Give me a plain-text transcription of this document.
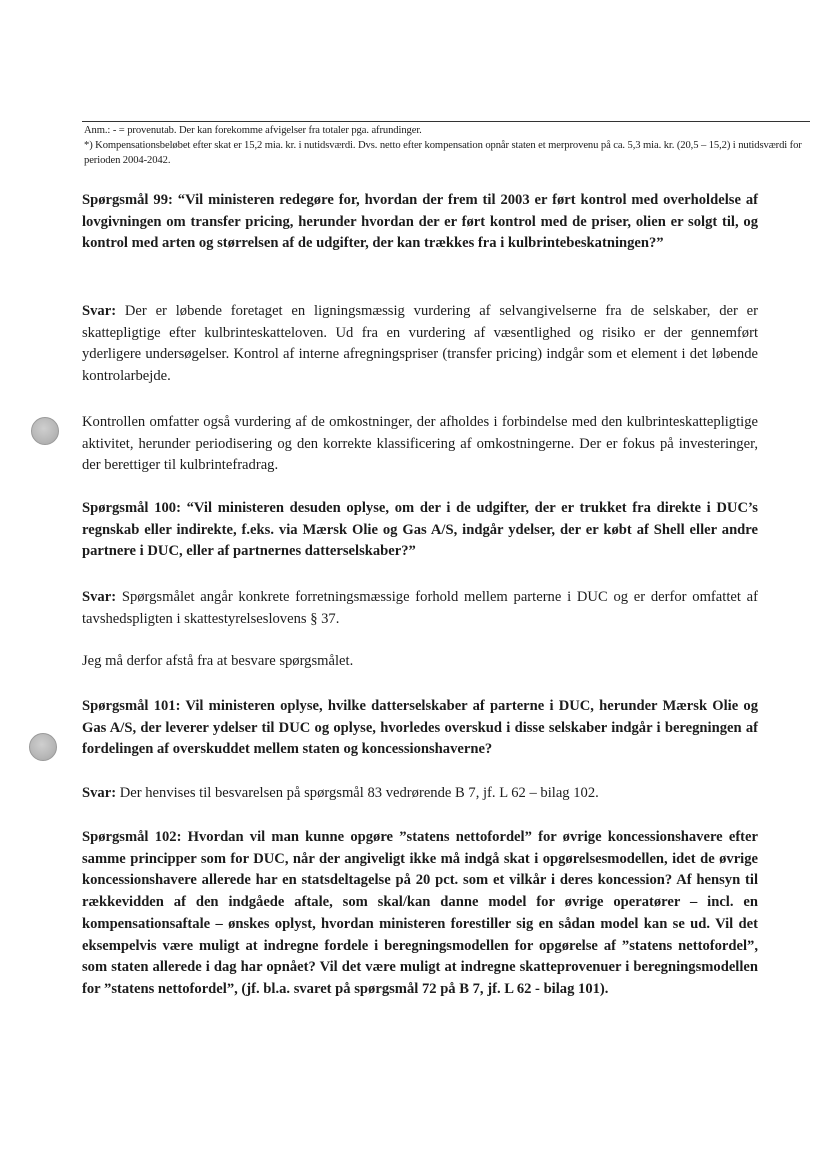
Anm.: - = provenutab. Der kan forekomme afvigelser fra totaler pga. afrundinger.

*) Kompensationsbeløbet efter skat er 15,2 mia. kr. i nutidsværdi. Dvs. netto efter kompensation opnår staten et merprovenu på ca. 5,3 mia. kr. (20,5 – 15,2) i nutidsværdi for perioden 2004-2042.

Spørgsmål 99: “Vil ministeren redegøre for, hvordan der frem til 2003 er ført kontrol med overholdelse af lovgivningen om transfer pricing, herunder hvordan der er ført kontrol med de priser, olien er solgt til, og kontrol med arten og størrelsen af de udgifter, der kan trækkes fra i kulbrintebeskatningen?”

Svar: Der er løbende foretaget en ligningsmæssig vurdering af selvangivelserne fra de selskaber, der er skattepligtige efter kulbrinteskatteloven. Ud fra en vurdering af væsentlighed og risiko er der gennemført yderligere undersøgelser. Kontrol af interne afregningspriser (transfer pricing) indgår som et element i det løbende kontrolarbejde.

Kontrollen omfatter også vurdering af de omkostninger, der afholdes i forbindelse med den kulbrinteskattepligtige aktivitet, herunder periodisering og den korrekte klassificering af omkostningerne. Der er fokus på investeringer, der berettiger til kulbrintefradrag.

Spørgsmål 100: “Vil ministeren desuden oplyse, om der i de udgifter, der er trukket fra direkte i DUC’s regnskab eller indirekte, f.eks. via Mærsk Olie og Gas A/S, indgår ydelser, der er købt af Shell eller andre partnere i DUC, eller af partnernes datterselskaber?”

Svar: Spørgsmålet angår konkrete forretningsmæssige forhold mellem parterne i DUC og er derfor omfattet af tavshedspligten i skattestyrelseslovens § 37.

Jeg må derfor afstå fra at besvare spørgsmålet.

Spørgsmål 101: Vil ministeren oplyse, hvilke datterselskaber af parterne i DUC, herunder Mærsk Olie og Gas A/S, der leverer ydelser til DUC og oplyse, hvorledes overskud i disse selskaber indgår i beregningen af fordelingen af overskuddet mellem staten og koncessionshaverne?

Svar: Der henvises til besvarelsen på spørgsmål 83 vedrørende B 7, jf. L 62 – bilag 102.

Spørgsmål 102: Hvordan vil man kunne opgøre ”statens nettofordel” for øvrige koncessionshavere efter samme principper som for DUC, når der angiveligt ikke må indgå skat i opgørelsesmodellen, idet de øvrige koncessionshavere allerede har en statsdeltagelse på 20 pct. som et vilkår i deres koncession? Af hensyn til rækkevidden af den indgåede aftale, som skal/kan danne model for øvrige operatører – incl. en kompensationsaftale – ønskes oplyst, hvordan ministeren forestiller sig en sådan model kan se ud. Vil det eksempelvis være muligt at indregne fordele i beregningsmodellen for opgørelse af ”statens nettofordel”, som staten allerede i dag har opnået? Vil det være muligt at indregne skatteprovenuer i beregningsmodellen for ”statens nettofordel”, (jf. bl.a. svaret på spørgsmål 72 på B 7, jf. L 62 - bilag 101).
